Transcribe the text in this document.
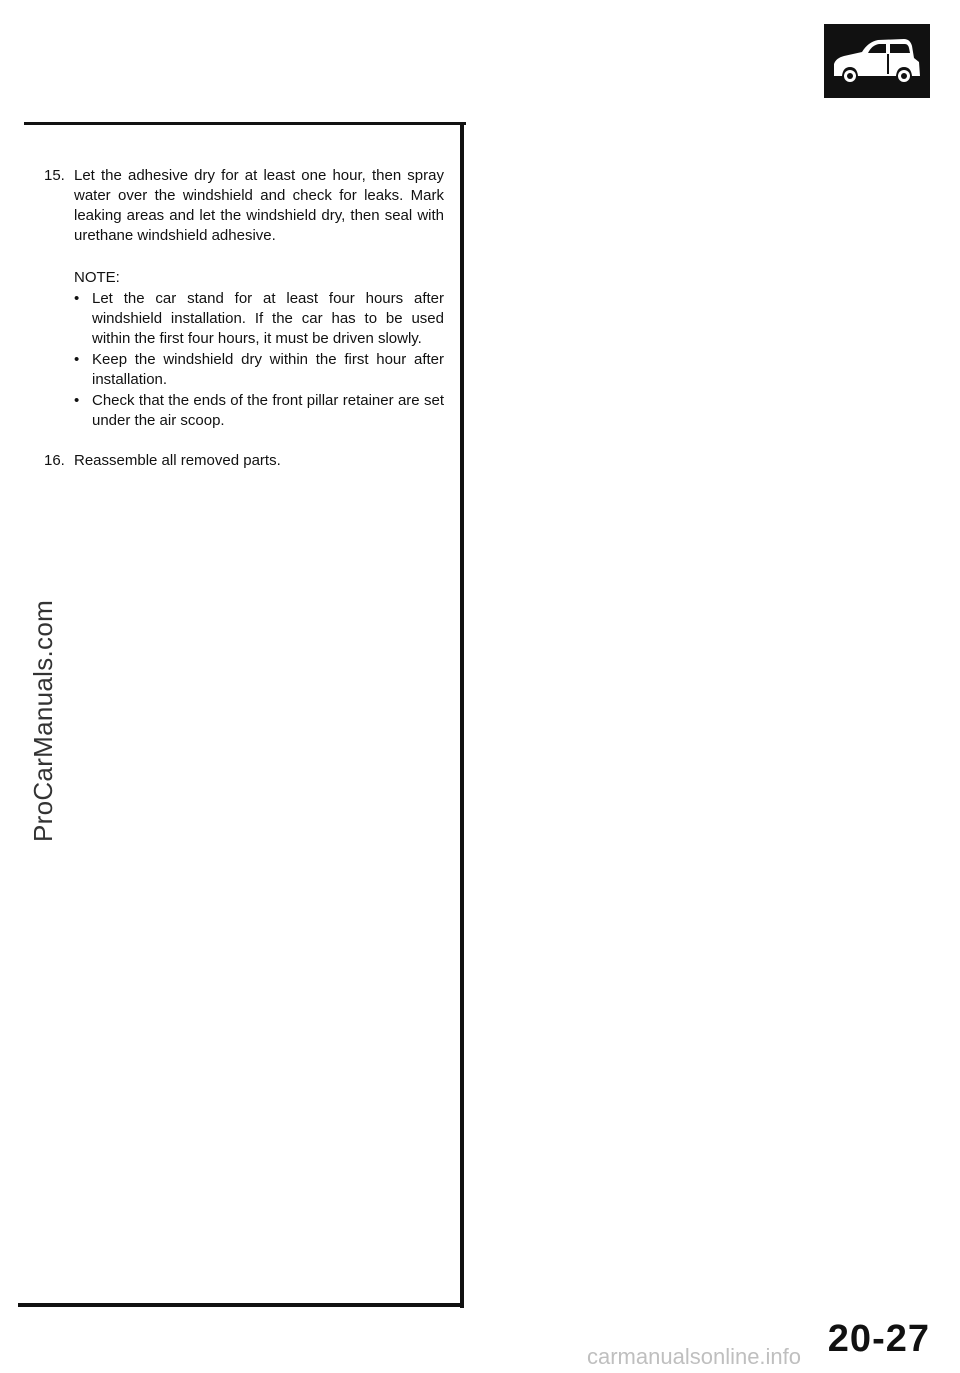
15. Let the adhesive dry for at least one hour, then spray water over the windshield and check for leaks. Mark leaking areas and let the windshield dry, then seal with urethane windshield adhesive.
NOTE:
• Let the car stand for at least four hours after windshield installation. If the car has to be used within the first four hours, it must be driven slowly.
• Keep the windshield dry within the first hour after installation.
• Check that the ends of the front pillar retainer are set under the air scoop.
16. Reassemble all removed parts.
ProCarManuals.com
20-27
carmanualsonline.info
